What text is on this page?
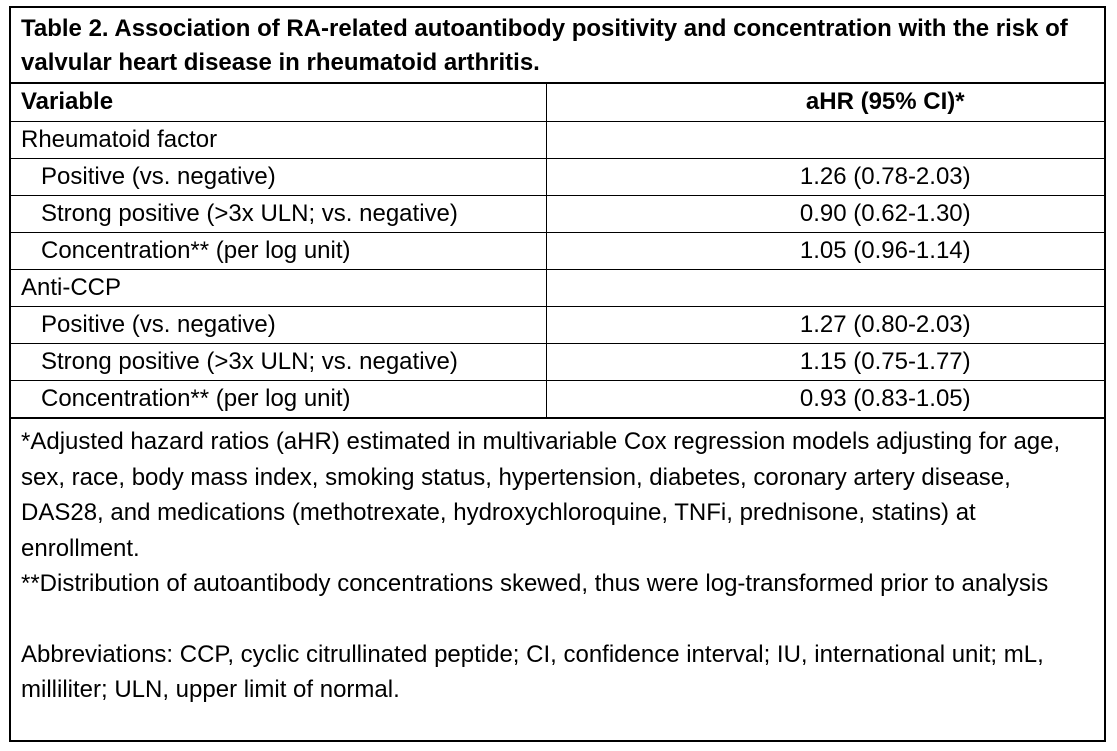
Table 2. Association of RA-related autoantibody positivity and concentration with the risk of valvular heart disease in rheumatoid arthritis.
Variable	aHR (95% CI)*
Rheumatoid factor	
Positive (vs. negative)	1.26 (0.78-2.03)
Strong positive (>3x ULN; vs. negative)	0.90 (0.62-1.30)
Concentration** (per log unit)	1.05 (0.96-1.14)
Anti-CCP	
Positive (vs. negative)	1.27 (0.80-2.03)
Strong positive (>3x ULN; vs. negative)	1.15 (0.75-1.77)
Concentration** (per log unit)	0.93 (0.83-1.05)

*Adjusted hazard ratios (aHR) estimated in multivariable Cox regression models adjusting for age, sex, race, body mass index, smoking status, hypertension, diabetes, coronary artery disease, DAS28, and medications (methotrexate, hydroxychloroquine, TNFi, prednisone, statins) at enrollment.

**Distribution of autoantibody concentrations skewed, thus were log-transformed prior to analysis

Abbreviations: CCP, cyclic citrullinated peptide; CI, confidence interval; IU, international unit; mL, milliliter; ULN, upper limit of normal.
